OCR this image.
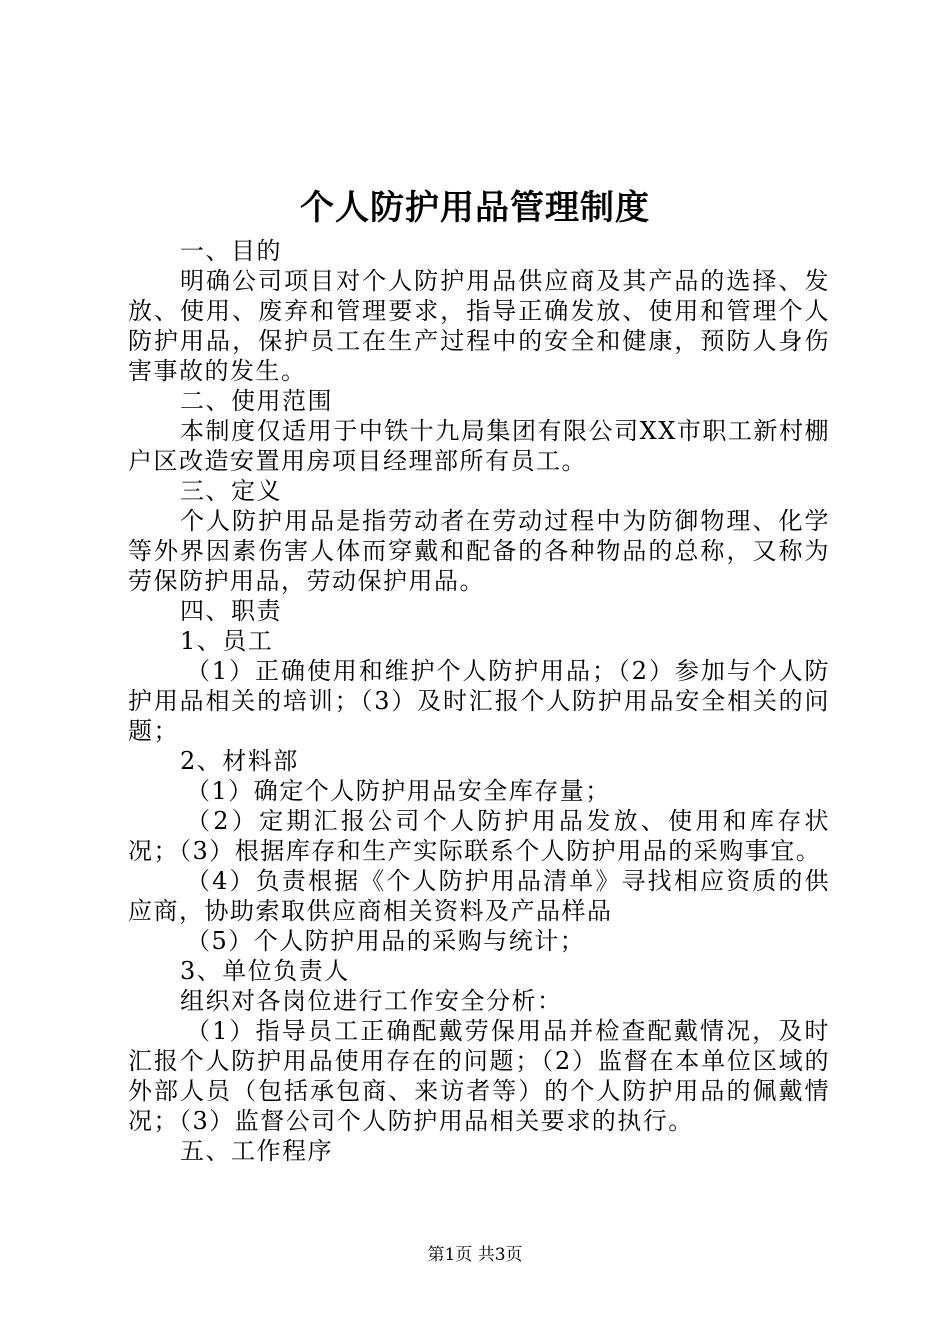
个人防护用品管理制度

一、目的

明确公司项目对个人防护用品供应商及其产品的选择、发放、使用、废弃和管理要求，指导正确发放、使用和管理个人防护用品，保护员工在生产过程中的安全和健康，预防人身伤害事故的发生。

二、使用范围

本制度仅适用于中铁十九局集团有限公司XX市职工新村棚户区改造安置用房项目经理部所有员工。

三、定义

个人防护用品是指劳动者在劳动过程中为防御物理、化学等外界因素伤害人体而穿戴和配备的各种物品的总称，又称为劳保防护用品，劳动保护用品。

四、职责

1、员工

（1）正确使用和维护个人防护用品；（2）参加与个人防护用品相关的培训；（3）及时汇报个人防护用品安全相关的问题；

2、材料部

（1）确定个人防护用品安全库存量；

（2）定期汇报公司个人防护用品发放、使用和库存状况；（3）根据库存和生产实际联系个人防护用品的采购事宜。

（4）负责根据《个人防护用品清单》寻找相应资质的供应商，协助索取供应商相关资料及产品样品

（5）个人防护用品的采购与统计；

3、单位负责人

组织对各岗位进行工作安全分析：

（1）指导员工正确配戴劳保用品并检查配戴情况，及时汇报个人防护用品使用存在的问题；（2）监督在本单位区域的外部人员（包括承包商、来访者等）的个人防护用品的佩戴情况；（3）监督公司个人防护用品相关要求的执行。

五、工作程序

第1页 共3页
